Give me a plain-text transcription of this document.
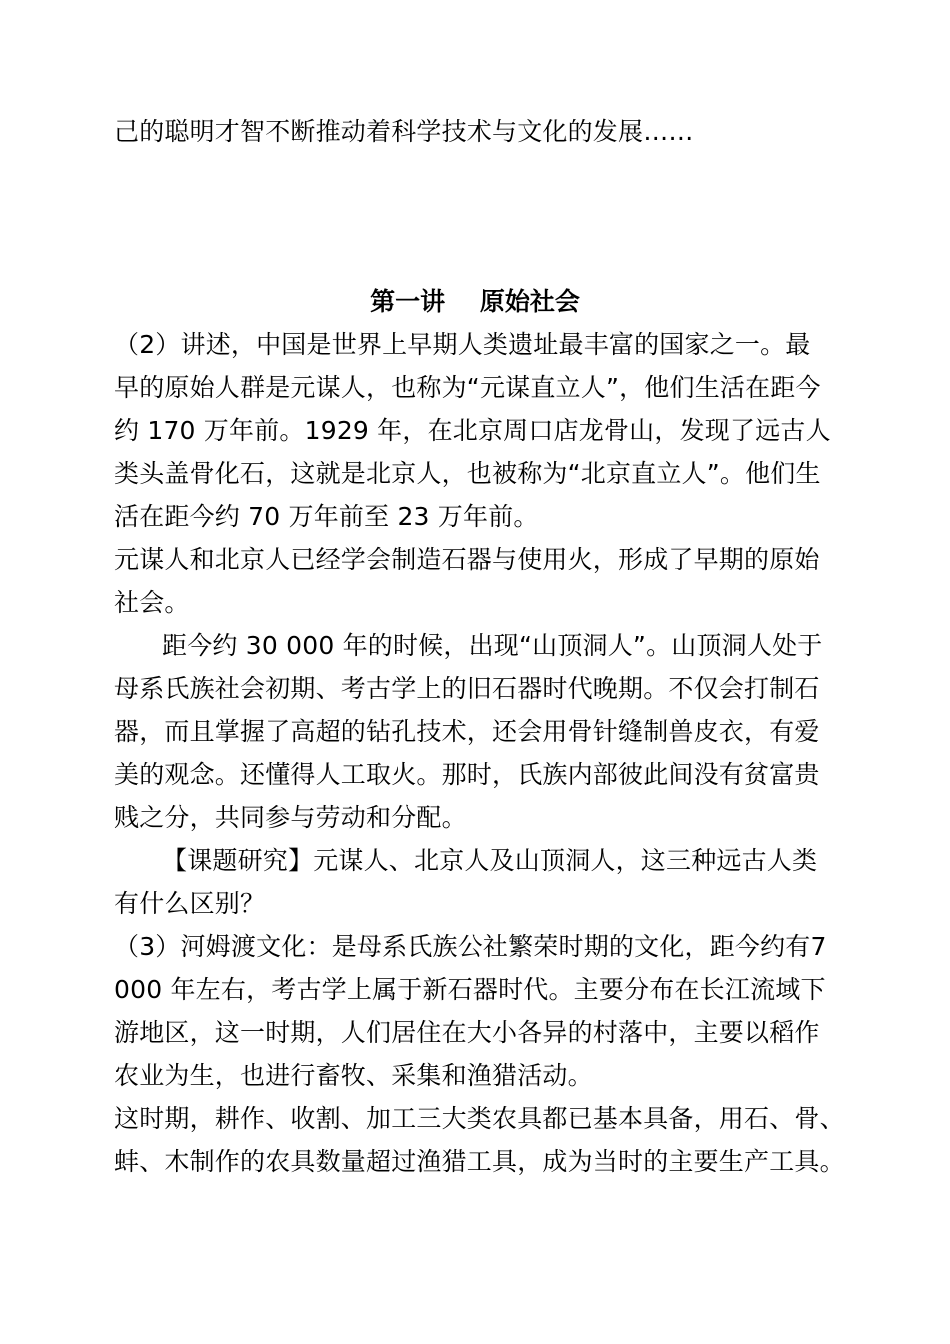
己的聪明才智不断推动着科学技术与文化的发展……
第一讲    原始社会
（2）讲述，中国是世界上早期人类遗址最丰富的国家之一。最
早的原始人群是元谋人，也称为“元谋直立人”，他们生活在距今
约 170 万年前。1929 年，在北京周口店龙骨山，发现了远古人
类头盖骨化石，这就是北京人，也被称为“北京直立人”。他们生
活在距今约 70 万年前至 23 万年前。
元谋人和北京人已经学会制造石器与使用火，形成了早期的原始
社会。
距今约 30 000 年的时候，出现“山顶洞人”。山顶洞人处于
母系氏族社会初期、考古学上的旧石器时代晚期。不仅会打制石
器，而且掌握了高超的钻孔技术，还会用骨针缝制兽皮衣，有爱
美的观念。还懂得人工取火。那时，氏族内部彼此间没有贫富贵
贱之分，共同参与劳动和分配。
【课题研究】元谋人、北京人及山顶洞人，这三种远古人类
有什么区别？
（3）河姆渡文化：是母系氏族公社繁荣时期的文化，距今约有7
000 年左右，考古学上属于新石器时代。主要分布在长江流域下
游地区，这一时期，人们居住在大小各异的村落中，主要以稻作
农业为生，也进行畜牧、采集和渔猎活动。
这时期，耕作、收割、加工三大类农具都已基本具备，用石、骨、
蚌、木制作的农具数量超过渔猎工具，成为当时的主要生产工具。
